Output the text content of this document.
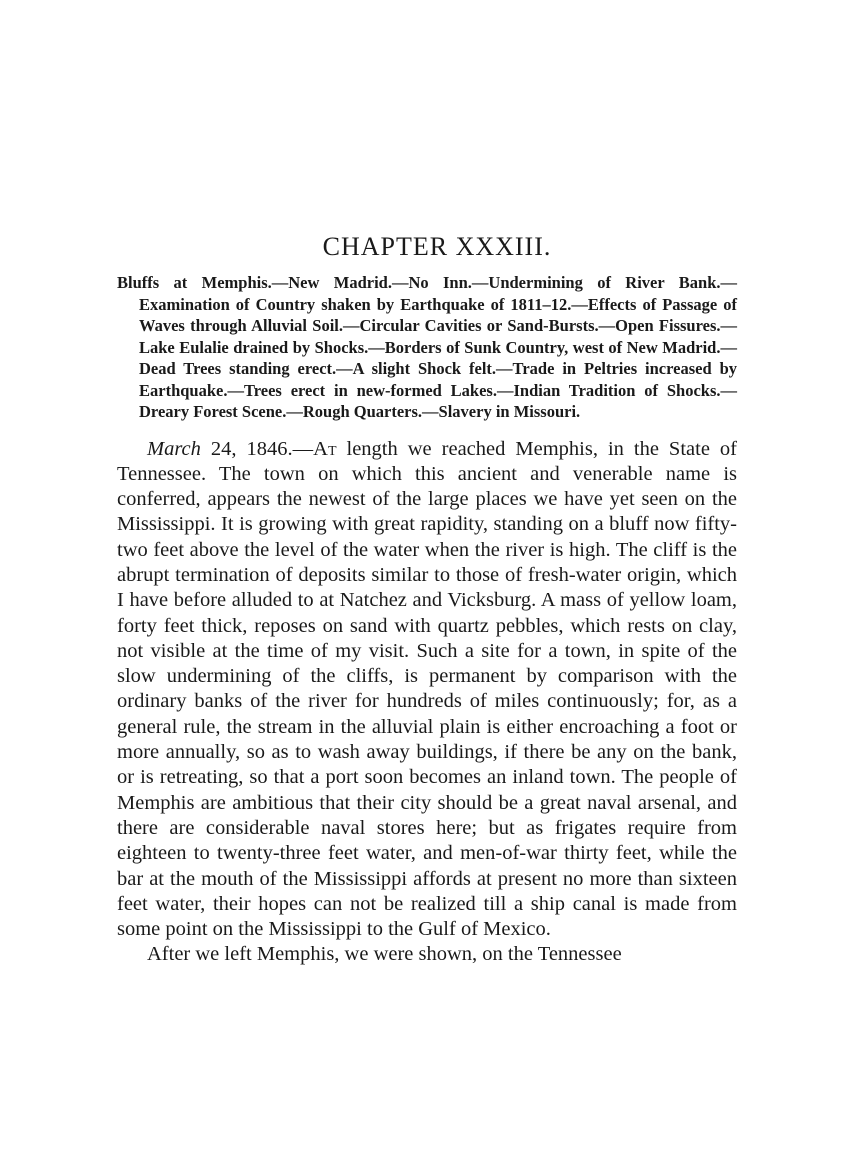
CHAPTER XXXIII.

Bluffs at Memphis.—New Madrid.—No Inn.—Undermining of River Bank.—Examination of Country shaken by Earthquake of 1811–12.—Effects of Passage of Waves through Alluvial Soil.—Circular Cavities or Sand-Bursts.—Open Fissures.—Lake Eulalie drained by Shocks.—Borders of Sunk Country, west of New Madrid.—Dead Trees standing erect.—A slight Shock felt.—Trade in Peltries increased by Earthquake.—Trees erect in new-formed Lakes.—Indian Tradition of Shocks.—Dreary Forest Scene.—Rough Quarters.—Slavery in Missouri.

March 24, 1846.—At length we reached Memphis, in the State of Tennessee. The town on which this ancient and venerable name is conferred, appears the newest of the large places we have yet seen on the Mississippi. It is growing with great rapidity, standing on a bluff now fifty-two feet above the level of the water when the river is high. The cliff is the abrupt termination of deposits similar to those of fresh-water origin, which I have before alluded to at Natchez and Vicksburg. A mass of yellow loam, forty feet thick, reposes on sand with quartz pebbles, which rests on clay, not visible at the time of my visit. Such a site for a town, in spite of the slow undermining of the cliffs, is permanent by comparison with the ordinary banks of the river for hundreds of miles continuously; for, as a general rule, the stream in the alluvial plain is either encroaching a foot or more annually, so as to wash away buildings, if there be any on the bank, or is retreating, so that a port soon becomes an inland town. The people of Memphis are ambitious that their city should be a great naval arsenal, and there are considerable naval stores here; but as frigates require from eighteen to twenty-three feet water, and men-of-war thirty feet, while the bar at the mouth of the Mississippi affords at present no more than sixteen feet water, their hopes can not be realized till a ship canal is made from some point on the Mississippi to the Gulf of Mexico.

After we left Memphis, we were shown, on the Tennessee
